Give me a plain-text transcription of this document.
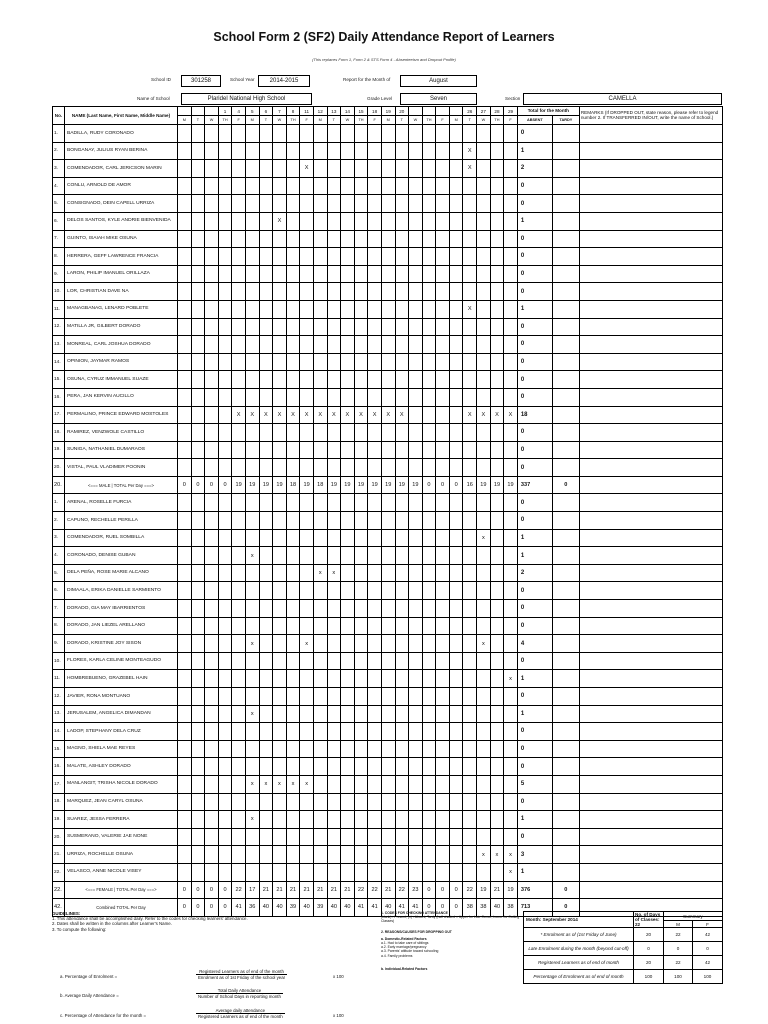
School Form 2 (SF2) Daily Attendance Report of Learners
(This replaces Form 1, Form 2 & STS Form 4 - Absenteeism and Dropout Profile)
School ID	301258	School Year	2014-2015	Report for the Month of	August
Name of School	Plaridel National High School	Grade Level	Seven	Section	CAMELLA
No.	NAME (Last Name, First Name, Middle Name)				1	4	5	6	7	8	11	12	13	14	15	18	19	20					26	27	28	29	Total for the Month		REMARKS (If DROPPED OUT, state reason, please refer to legend number 2. If TRANSFERRED IN/OUT, write the name of School.)
		M	T	W	TH	F	M	T	W	TH	F	M	T	W	TH	F	M	T	W	TH	F	M	T	W	TH	F	ABSENT	TARDY	
1.	BADILLA, RUDY CORONADO																										0		
2.	BONGANAY, JULIUS RYAN BERINA																						X				1		
3.	COMENDADOR, CARL JERICSON MARIN										X												X				2		
4.	CONLU, ARNOLD DE AMOR																										0		
5.	CONSIGNADO, DEIN CAPELL URRIZA																										0		
6.	DELOS SANTOS, KYLE ANDRIE BIENVENIDA								X																		1		
7.	GUINTO, ISAIAH MIKE OSUNA																										0		
8.	HERRERA, GEFF LAWRENCE FRANCIA																										0		
9.	LARON, PHILIP IMANUEL ORILLAZA																										0		
10.	LOR, CHRISTIAN DAVE NA																										0		
11.	MANAGBANAG, LENARD POBLETE																						X				1		
12.	MATILLA JR, GILBERT DORADO																										0		
13.	MONREAL, CARL JOSHUA DORADO																										0		
14.	OPINION, JAYMAR RAMOS																										0		
15.	OSUNA, CYRUZ IMMANUEL SUAZE																										0		
16.	PERA, JAN KERVIN AUCILLO																										0		
17.	PERMALINO, PRINCE EDWARD MOSTOLES					X	X	X	X	X	X	X	X	X	X	X	X	X					X	X	X	X	18		
18.	RAMIREZ, VENZWOLE CASTILLO																										0		
19.	SUNIGA, NATHANIEL DUMARAOS																										0		
20.	VISTAL, PAUL VLADIMER POONIN																										0		
20.	<=== MALE | TOTAL Per Day ===>	0	0	0	0	19	19	19	19	18	19	18	19	19	19	19	19	19	19	0	0	0	16	19	19	19	337	0	
1.	ARENAL, ROSELLE FURCIA																										0		
2.	CAPUNO, RECHELLE PERILLA																										0		
3.	COMENDADOR, RUEL SOMBILLA																							x			1		
4.	CORONADO, DENISE GUBAN						x																				1		
5.	DELA PEÑA, ROSE MARIE ALCANO											x	x														2		
6.	DIMAALA, ERIKA DANIELLE SARMIENTO																										0		
7.	DORADO, GIA MAY IBARRIENTOS																										0		
8.	DORADO, JAN LIEZEL ARELLANO																										0		
9.	DORADO, KRISTINE JOY SISON						x				x													x			4		
10.	FLORES, KARLA CELINE MONTEAGUDO																										0		
11.	HOMBREBUENO, GRAZEBEL HAIN																									x	1		
12.	JAVIER, RONA MONTUANO																										0		
13.	JERUSALEM, ANGELICA DIMANDAN						x																				1		
14.	LADOP, STEPHANY DELA CRUZ																										0		
15.	MAGNO, SHIELA MAE REYES																										0		
16.	MALATE, ASHLEY DORADO																										0		
17.	MANLANGIT, TRISHA NICOLE DORADO						x	x	x	x	x																5		
18.	MARQUEZ, JEAN CARYL OSUNA																										0		
19.	SUAREZ, JESSA FERRERA						x																				1		
20.	SUSMERANO, VALERIE JAE NONE																										0		
21.	URRIZA, ROCHELLE OSUNA																							x	x	x	3		
22.	VELASCO, ANNE NICOLE VISEY																									x	1		
22.	<=== FEMALE | TOTAL Per Day ===>	0	0	0	0	22	17	21	21	21	21	21	21	21	22	22	21	22	23	0	0	0	22	19	21	19	376	0	
42.	Combined TOTAL Per Day	0	0	0	0	41	36	40	40	39	40	39	40	40	41	41	40	41	41	0	0	0	38	38	40	38	713	0	
GUIDELINES:
1. This attendance shall be accomplished daily. Refer to the codes for checking learners' attendance.
2. Dates shall be written in the columns after Learner's Name.
3. To compute the following:
a. Percentage of Enrolment =	$\frac{\text{Registered Learners as of end of the month}}{\text{Enrolment as of 1st Friday of the school year}}$	x 100
b. Average Daily Attendance =	$\frac{\text{Total Daily Attendance}}{\text{Number of School Days in reporting month}}$
c. Percentage of Attendance for the month =	$\frac{\text{Average daily attendance}}{\text{Registered Learners as of end of the month}}$	x 100
1. CODES FOR CHECKING ATTENDANCE
(blank) - Present; (x) - Absent; Tardy (half shaded = Upper for Late Comer, Lower for Cutting Classes)
2. REASONS/CAUSES FOR DROPPING OUT
a. Domestic-Related Factors
a.1. Had to take care of siblings
a.2. Early marriage/pregnancy
a.3. Parents' attitude toward schooling
a.4. Family problems
b. Individual-Related Factors
Month: September 2014	No. of Days of Classes: 22	Summary	
		M	F
* Enrolment as of (1st Friday of June)	20	22	42
Late Enrolment during the month (beyond cut-off)	0	0	0
Registered Learners as of end of month	20	22	42
Percentage of Enrolment as of end of month	100	100	100
